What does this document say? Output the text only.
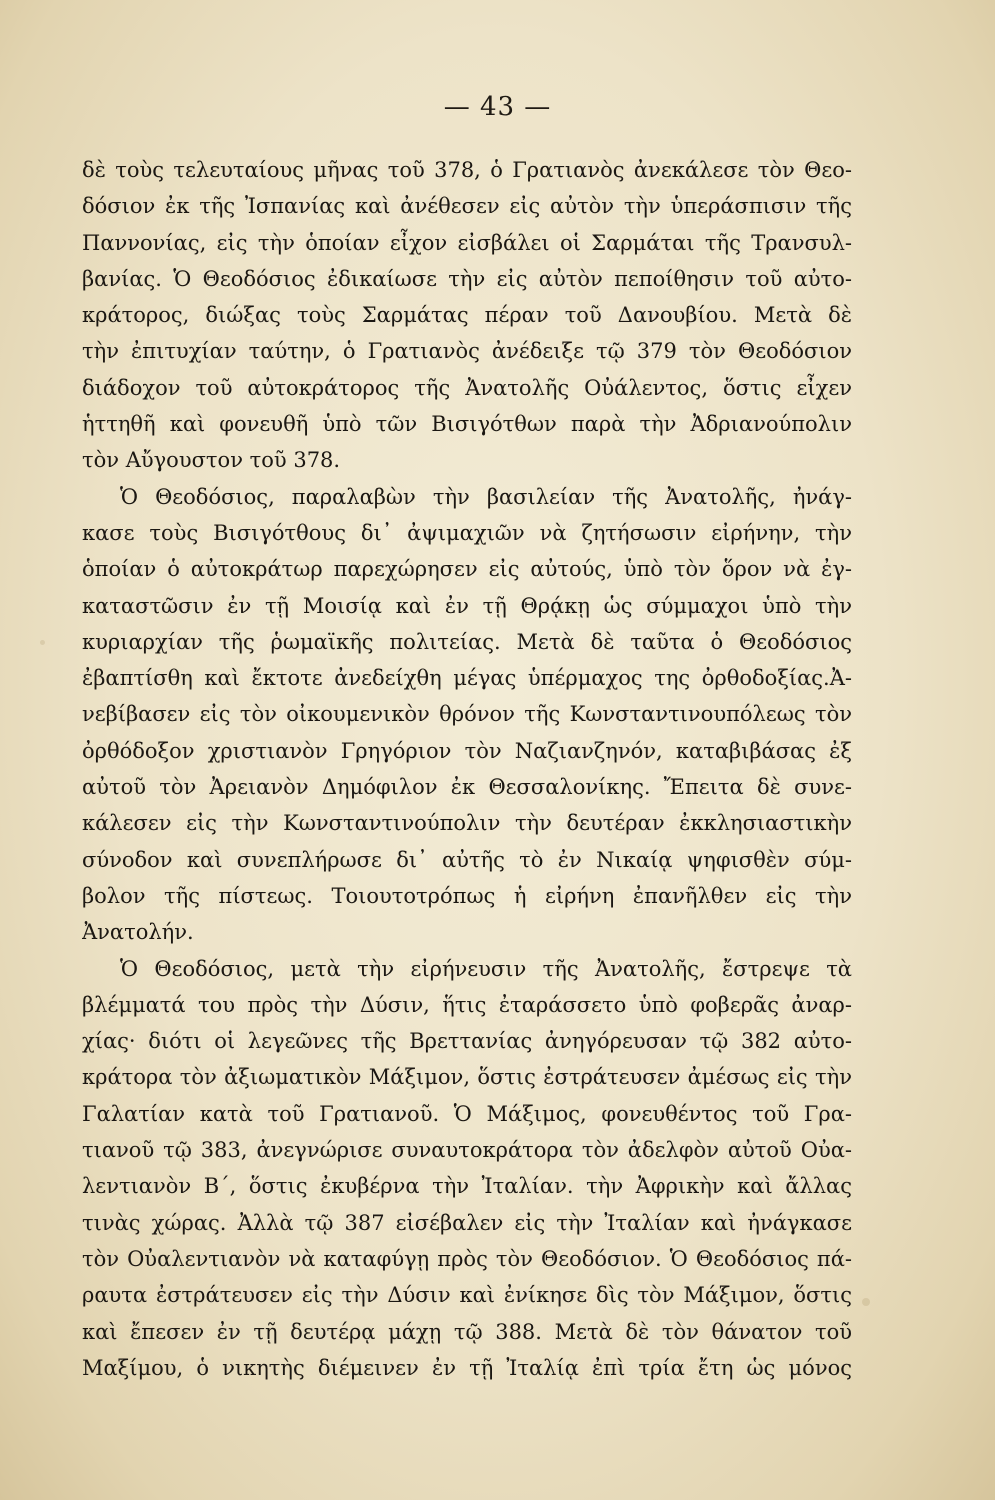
— 43 —
δὲ τοὺς τελευταίους μῆνας τοῦ 378, ὁ Γρατιανὸς ἀνεκάλεσε τὸν Θεο-
δόσιον ἐκ τῆς Ἰσπανίας καὶ ἀνέθεσεν εἰς αὐτὸν τὴν ὑπεράσπισιν τῆς
Παννονίας, εἰς τὴν ὁποίαν εἶχον εἰσβάλει οἱ Σαρμάται τῆς Τρανσυλ-
βανίας. Ὁ Θεοδόσιος ἐδικαίωσε τὴν εἰς αὐτὸν πεποίθησιν τοῦ αὐτο-
κράτορος, διώξας τοὺς Σαρμάτας πέραν τοῦ Δανουβίου. Μετὰ δὲ
τὴν ἐπιτυχίαν ταύτην, ὁ Γρατιανὸς ἀνέδειξε τῷ 379 τὸν Θεοδόσιον
διάδοχον τοῦ αὐτοκράτορος τῆς Ἀνατολῆς Οὐάλεντος, ὅστις εἶχεν
ἡττηθῆ καὶ φονευθῆ ὑπὸ τῶν Βισιγότθων παρὰ τὴν Ἀδριανούπολιν
τὸν Αὔγουστον τοῦ 378.
Ὁ Θεοδόσιος, παραλαβὼν τὴν βασιλείαν τῆς Ἀνατολῆς, ἠνάγ-
κασε τοὺς Βισιγότθους δι᾽ ἀψιμαχιῶν νὰ ζητήσωσιν εἰρήνην, τὴν
ὁποίαν ὁ αὐτοκράτωρ παρεχώρησεν εἰς αὐτούς, ὑπὸ τὸν ὅρον νὰ ἐγ-
καταστῶσιν ἐν τῇ Μοισίᾳ καὶ ἐν τῇ Θρᾴκῃ ὡς σύμμαχοι ὑπὸ τὴν
κυριαρχίαν τῆς ῥωμαϊκῆς πολιτείας. Μετὰ δὲ ταῦτα ὁ Θεοδόσιος
ἐβαπτίσθη καὶ ἔκτοτε ἀνεδείχθη μέγας ὑπέρμαχος της ὀρθοδοξίας.Ἀ-
νεβίβασεν εἰς τὸν οἰκουμενικὸν θρόνον τῆς Κωνσταντινουπόλεως τὸν
ὀρθόδοξον χριστιανὸν Γρηγόριον τὸν Ναζιανζηνόν, καταβιβάσας ἐξ
αὐτοῦ τὸν Ἀρειανὸν Δημόφιλον ἐκ Θεσσαλονίκης. Ἔπειτα δὲ συνε-
κάλεσεν εἰς τὴν Κωνσταντινούπολιν τὴν δευτέραν ἐκκλησιαστικὴν
σύνοδον καὶ συνεπλήρωσε δι᾽ αὐτῆς τὸ ἐν Νικαίᾳ ψηφισθὲν σύμ-
βολον τῆς πίστεως. Τοιουτοτρόπως ἡ εἰρήνη ἐπανῆλθεν εἰς τὴν
Ἀνατολήν.
Ὁ Θεοδόσιος, μετὰ τὴν εἰρήνευσιν τῆς Ἀνατολῆς, ἔστρεψε τὰ
βλέμματά του πρὸς τὴν Δύσιν, ἥτις ἐταράσσετο ὑπὸ φοβερᾶς ἀναρ-
χίας· διότι οἱ λεγεῶνες τῆς Βρεττανίας ἀνηγόρευσαν τῷ 382 αὐτο-
κράτορα τὸν ἀξιωματικὸν Μάξιμον, ὅστις ἐστράτευσεν ἀμέσως εἰς τὴν
Γαλατίαν κατὰ τοῦ Γρατιανοῦ. Ὁ Μάξιμος, φονευθέντος τοῦ Γρα-
τιανοῦ τῷ 383, ἀνεγνώρισε συναυτοκράτορα τὸν ἀδελφὸν αὐτοῦ Οὐα-
λεντιανὸν Β΄, ὅστις ἐκυβέρνα τὴν Ἰταλίαν. τὴν Ἀφρικὴν καὶ ἄλλας
τινὰς χώρας. Ἀλλὰ τῷ 387 εἰσέβαλεν εἰς τὴν Ἰταλίαν καὶ ἠνάγκασε
τὸν Οὐαλεντιανὸν νὰ καταφύγῃ πρὸς τὸν Θεοδόσιον. Ὁ Θεοδόσιος πά-
ραυτα ἐστράτευσεν εἰς τὴν Δύσιν καὶ ἐνίκησε δὶς τὸν Μάξιμον, ὅστις
καὶ ἔπεσεν ἐν τῇ δευτέρᾳ μάχῃ τῷ 388. Μετὰ δὲ τὸν θάνατον τοῦ
Μαξίμου, ὁ νικητὴς διέμεινεν ἐν τῇ Ἰταλίᾳ ἐπὶ τρία ἔτη ὡς μόνος
